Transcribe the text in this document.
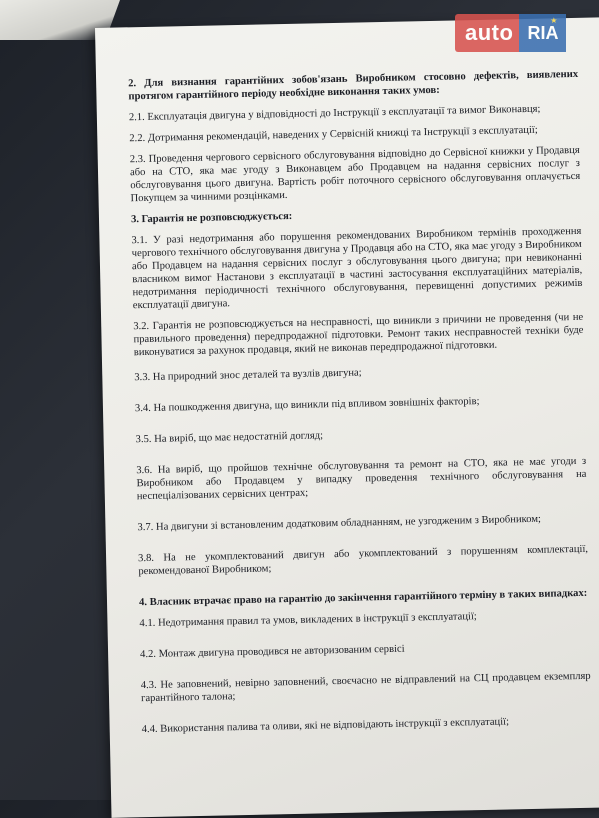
2. Для визнання гарантійних зобов'язань Виробником стосовно дефектів, виявлених протягом гарантійного періоду необхідне виконання таких умов:

2.1. Експлуатація двигуна у відповідності до Інструкції з експлуатації та вимог Виконавця;

2.2. Дотримання рекомендацій, наведених у Сервісній книжці та Інструкції з експлуатації;

2.3. Проведення чергового сервісного обслуговування відповідно до Сервісної книжки у Продавця або на СТО, яка має угоду з Виконавцем або Продавцем на надання сервісних послуг з обслуговування цього двигуна. Вартість робіт поточного сервісного обслуговування оплачується Покупцем за чинними розцінками.

3. Гарантія не розповсюджується:

3.1. У разі недотримання або порушення рекомендованих Виробником термінів проходження чергового технічного обслуговування двигуна у Продавця або на СТО, яка має угоду з Виробником або Продавцем на надання сервісних послуг з обслуговування цього двигуна; при невиконанні власником вимог Настанови з експлуатації в частині застосування експлуатаційних матеріалів, недотримання періодичності технічного обслуговування, перевищенні допустимих режимів експлуатації двигуна.

3.2. Гарантія не розповсюджується на несправності, що виникли з причини не проведення (чи не правильного проведення) передпродажної підготовки. Ремонт таких несправностей техніки буде виконуватися за рахунок продавця, який не виконав передпродажної підготовки.

3.3. На природний знос деталей та вузлів двигуна;

3.4. На пошкодження двигуна, що виникли під впливом зовнішніх факторів;

3.5. На виріб, що має недостатній догляд;

3.6. На виріб, що пройшов технічне обслуговування та ремонт на СТО, яка не має угоди з Виробником або Продавцем у випадку проведення технічного обслуговування на неспеціалізованих сервісних центрах;

3.7. На двигуни зі встановленим додатковим обладнанням, не узгодженим з Виробником;

3.8. На не укомплектований двигун або укомплектований з порушенням комплектації, рекомендованої Виробником;

4. Власник втрачає право на гарантію до закінчення гарантійного терміну в таких випадках:

4.1. Недотримання правил та умов, викладених в інструкції з експлуатації;

4.2. Монтаж двигуна проводився не авторизованим сервісі

4.3. Не заповнений, невірно заповнений, своєчасно не відправлений на СЦ продавцем екземпляр гарантійного талона;

4.4. Використання палива та оливи, які не відповідають інструкції з експлуатації;

auto RIA
★
